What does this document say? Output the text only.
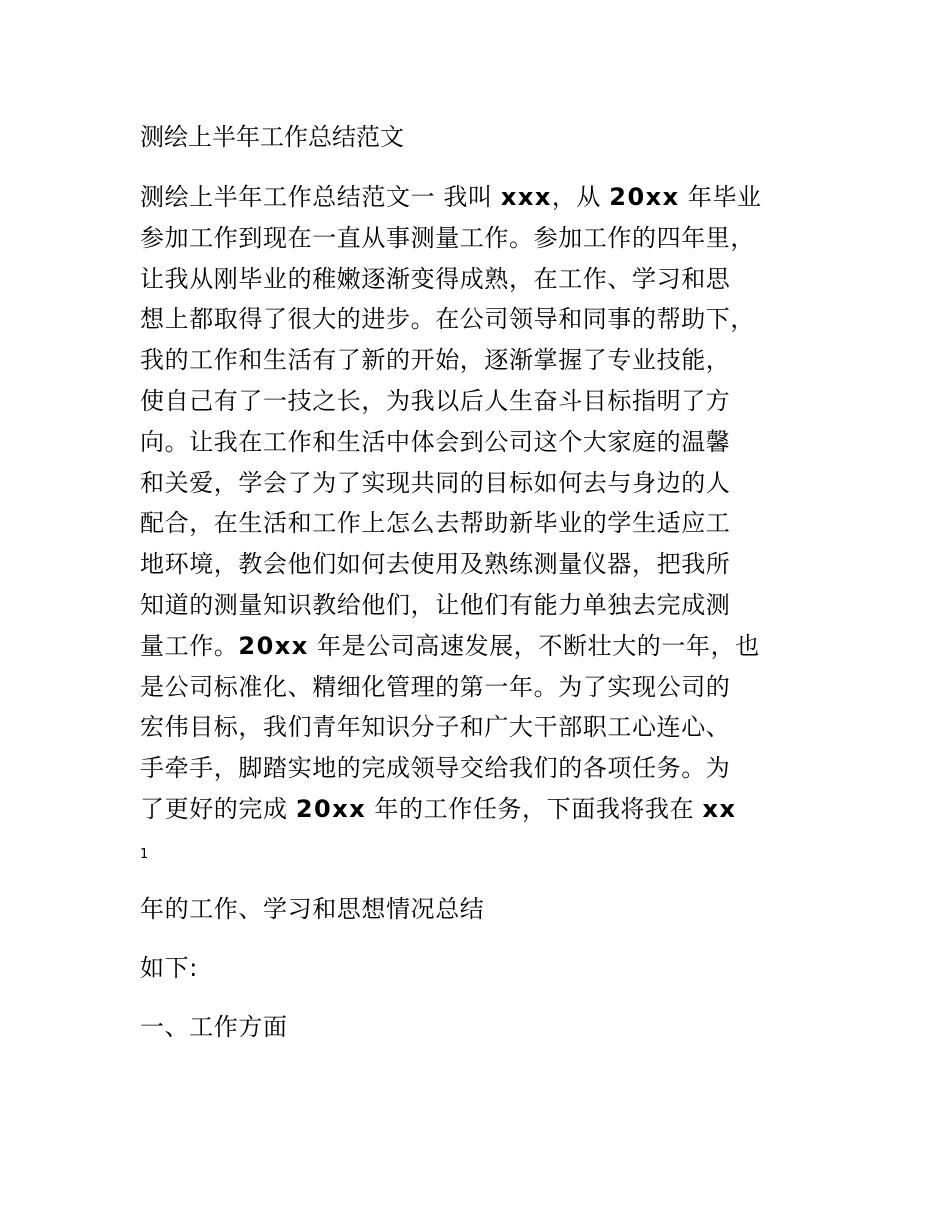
测绘上半年工作总结范文
测绘上半年工作总结范文一 我叫 xxx，从 20xx 年毕业
参加工作到现在一直从事测量工作。参加工作的四年里，
让我从刚毕业的稚嫩逐渐变得成熟，在工作、学习和思
想上都取得了很大的进步。在公司领导和同事的帮助下，
我的工作和生活有了新的开始，逐渐掌握了专业技能，
使自己有了一技之长，为我以后人生奋斗目标指明了方
向。让我在工作和生活中体会到公司这个大家庭的温馨
和关爱，学会了为了实现共同的目标如何去与身边的人
配合，在生活和工作上怎么去帮助新毕业的学生适应工
地环境，教会他们如何去使用及熟练测量仪器，把我所
知道的测量知识教给他们，让他们有能力单独去完成测
量工作。20xx 年是公司高速发展，不断壮大的一年，也
是公司标准化、精细化管理的第一年。为了实现公司的
宏伟目标，我们青年知识分子和广大干部职工心连心、
手牵手，脚踏实地的完成领导交给我们的各项任务。为
了更好的完成 20xx 年的工作任务，下面我将我在 xx
1

年的工作、学习和思想情况总结

如下:

一、工作方面
